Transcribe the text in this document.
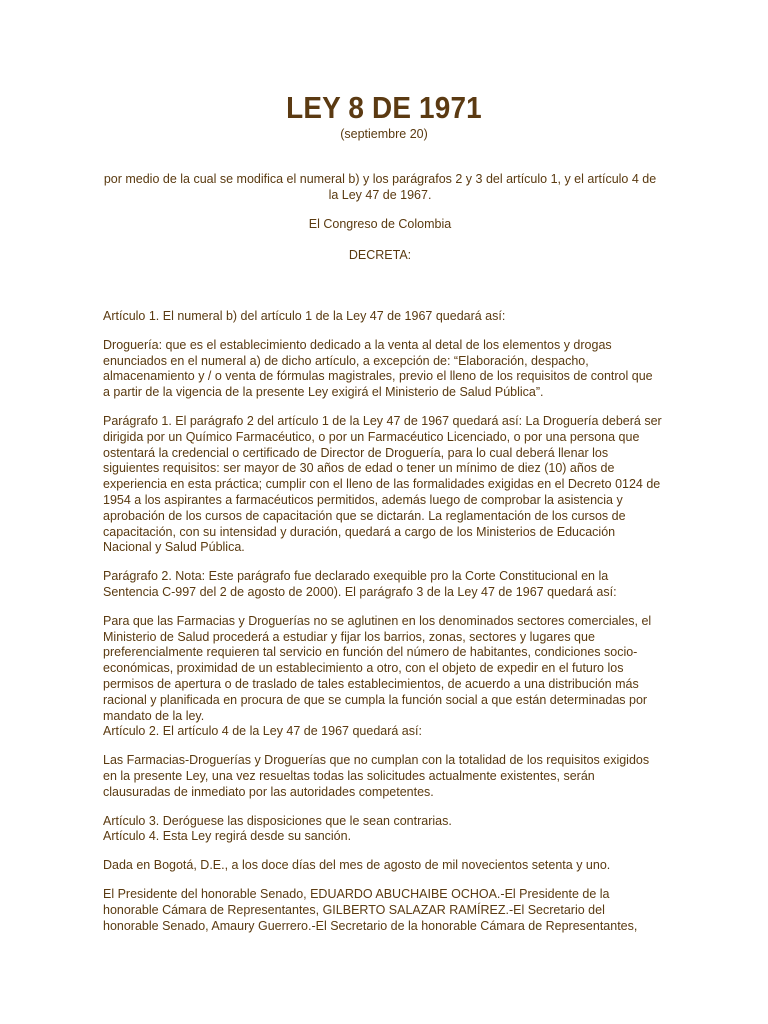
LEY 8 DE 1971
(septiembre 20)
por medio de la cual se modifica el numeral b) y los parágrafos 2 y 3 del artículo 1, y el artículo 4 de la Ley 47 de 1967.
El Congreso de Colombia
DECRETA:

Artículo 1. El numeral b) del artículo 1 de la Ley 47 de 1967 quedará así:

Droguería: que es el establecimiento dedicado a la venta al detal de los elementos y drogas enunciados en el numeral a) de dicho artículo, a excepción de: “Elaboración, despacho, almacenamiento y / o venta de fórmulas magistrales, previo el lleno de los requisitos de control que a partir de la vigencia de la presente Ley exigirá el Ministerio de Salud Pública”.

Parágrafo 1. El parágrafo 2 del artículo 1 de la Ley 47 de 1967 quedará así: La Droguería deberá ser dirigida por un Químico Farmacéutico, o por un Farmacéutico Licenciado, o por una persona que ostentará la credencial o certificado de Director de Droguería, para lo cual deberá llenar los siguientes requisitos: ser mayor de 30 años de edad o tener un mínimo de diez (10) años de experiencia en esta práctica; cumplir con el lleno de las formalidades exigidas en el Decreto 0124 de 1954 a los aspirantes a farmacéuticos permitidos, además luego de comprobar la asistencia y aprobación de los cursos de capacitación que se dictarán. La reglamentación de los cursos de capacitación, con su intensidad y duración, quedará a cargo de los Ministerios de Educación Nacional y Salud Pública.

Parágrafo 2. Nota: Este parágrafo fue declarado exequible pro la Corte Constitucional en la Sentencia C-997 del 2 de agosto de 2000). El parágrafo 3 de la Ley 47 de 1967 quedará así:

Para que las Farmacias y Droguerías no se aglutinen en los denominados sectores comerciales, el Ministerio de Salud procederá a estudiar y fijar los barrios, zonas, sectores y lugares que preferencialmente requieren tal servicio en función del número de habitantes, condiciones socio-económicas, proximidad de un establecimiento a otro, con el objeto de expedir en el futuro los permisos de apertura o de traslado de tales establecimientos, de acuerdo a una distribución más racional y planificada en procura de que se cumpla la función social a que están determinadas por mandato de la ley.

Artículo 2. El artículo 4 de la Ley 47 de 1967 quedará así:

Las Farmacias-Droguerías y Droguerías que no cumplan con la totalidad de los requisitos exigidos en la presente Ley, una vez resueltas todas las solicitudes actualmente existentes, serán clausuradas de inmediato por las autoridades competentes.

Artículo 3. Deróguese las disposiciones que le sean contrarias.

Artículo 4. Esta Ley regirá desde su sanción.

Dada en Bogotá, D.E., a los doce días del mes de agosto de mil novecientos setenta y uno.

El Presidente del honorable Senado, EDUARDO ABUCHAIBE OCHOA.-El Presidente de la honorable Cámara de Representantes, GILBERTO SALAZAR RAMÍREZ.-El Secretario del honorable Senado, Amaury Guerrero.-El Secretario de la honorable Cámara de Representantes,
